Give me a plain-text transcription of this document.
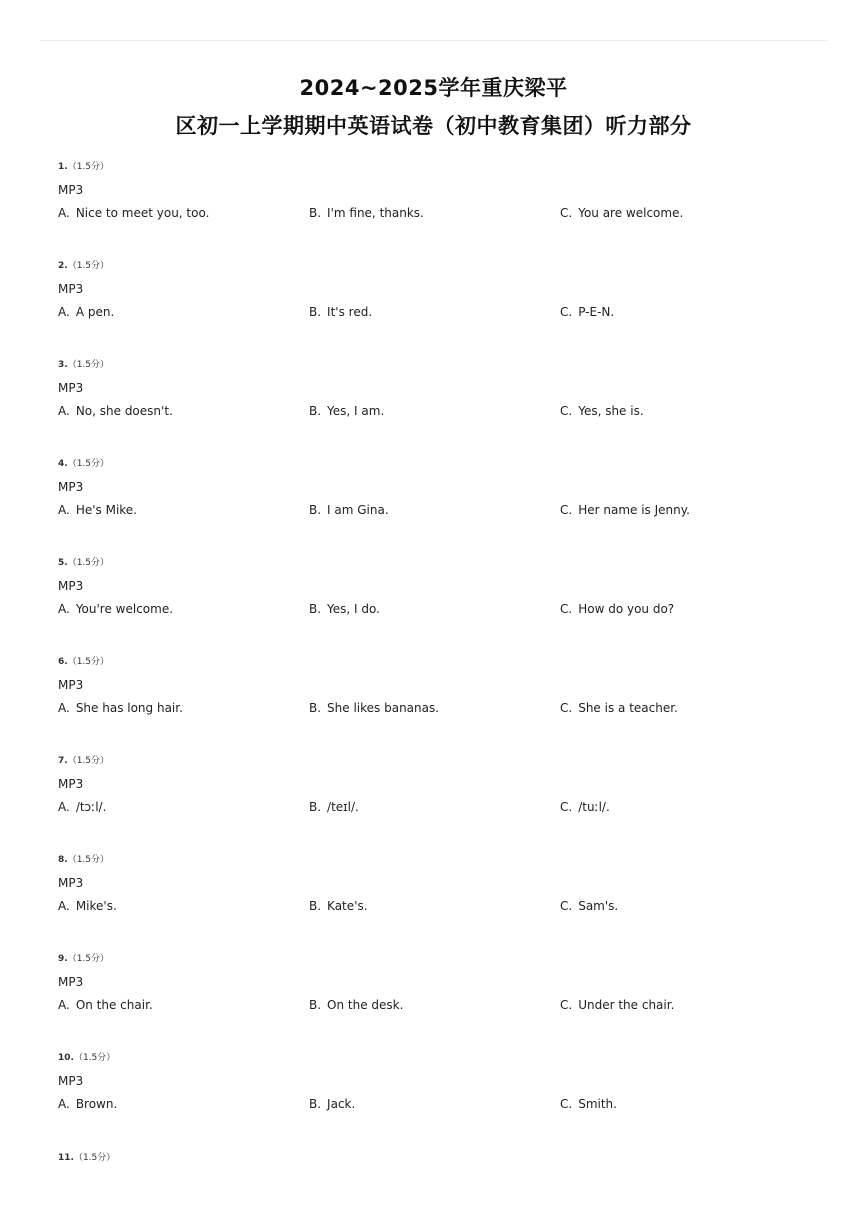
2024~2025学年重庆梁平
区初一上学期期中英语试卷（初中教育集团）听力部分
1.（1.5分）
MP3
A. Nice to meet you, too.	B. I'm fine, thanks.	C. You are welcome.
2.（1.5分）
MP3
A. A pen.	B. It's red.	C. P-E-N.
3.（1.5分）
MP3
A. No, she doesn't.	B. Yes, I am.	C. Yes, she is.
4.（1.5分）
MP3
A. He's Mike.	B. I am Gina.	C. Her name is Jenny.
5.（1.5分）
MP3
A. You're welcome.	B. Yes, I do.	C. How do you do?
6.（1.5分）
MP3
A. She has long hair.	B. She likes bananas.	C. She is a teacher.
7.（1.5分）
MP3
A. /tɔːl/.	B. /teɪl/.	C. /tuːl/.
8.（1.5分）
MP3
A. Mike's.	B. Kate's.	C. Sam's.
9.（1.5分）
MP3
A. On the chair.	B. On the desk.	C. Under the chair.
10.（1.5分）
MP3
A. Brown.	B. Jack.	C. Smith.
11.（1.5分）
